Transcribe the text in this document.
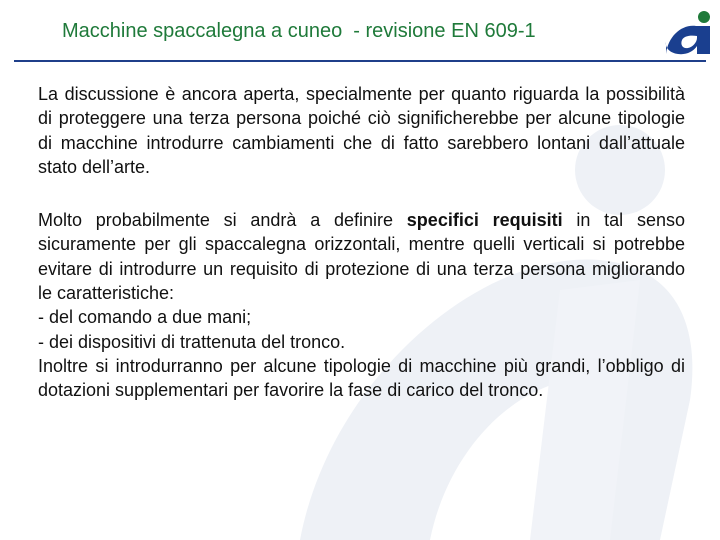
Macchine spaccalegna a cuneo  - revisione EN 609-1

La discussione è ancora aperta, specialmente per quanto riguarda la possibilità di proteggere una terza persona poiché ciò significherebbe per alcune tipologie di macchine introdurre cambiamenti che di fatto sarebbero lontani dall’attuale stato dell’arte.

Molto probabilmente si andrà a definire specifici requisiti in tal senso sicuramente per gli spaccalegna orizzontali, mentre quelli verticali si potrebbe evitare di introdurre un requisito di protezione di una terza persona migliorando le caratteristiche:
- del comando a due mani;
- dei dispositivi di trattenuta del tronco.
Inoltre si introdurranno per alcune tipologie di macchine più grandi, l’obbligo di dotazioni supplementari per favorire la fase di carico del tronco.
